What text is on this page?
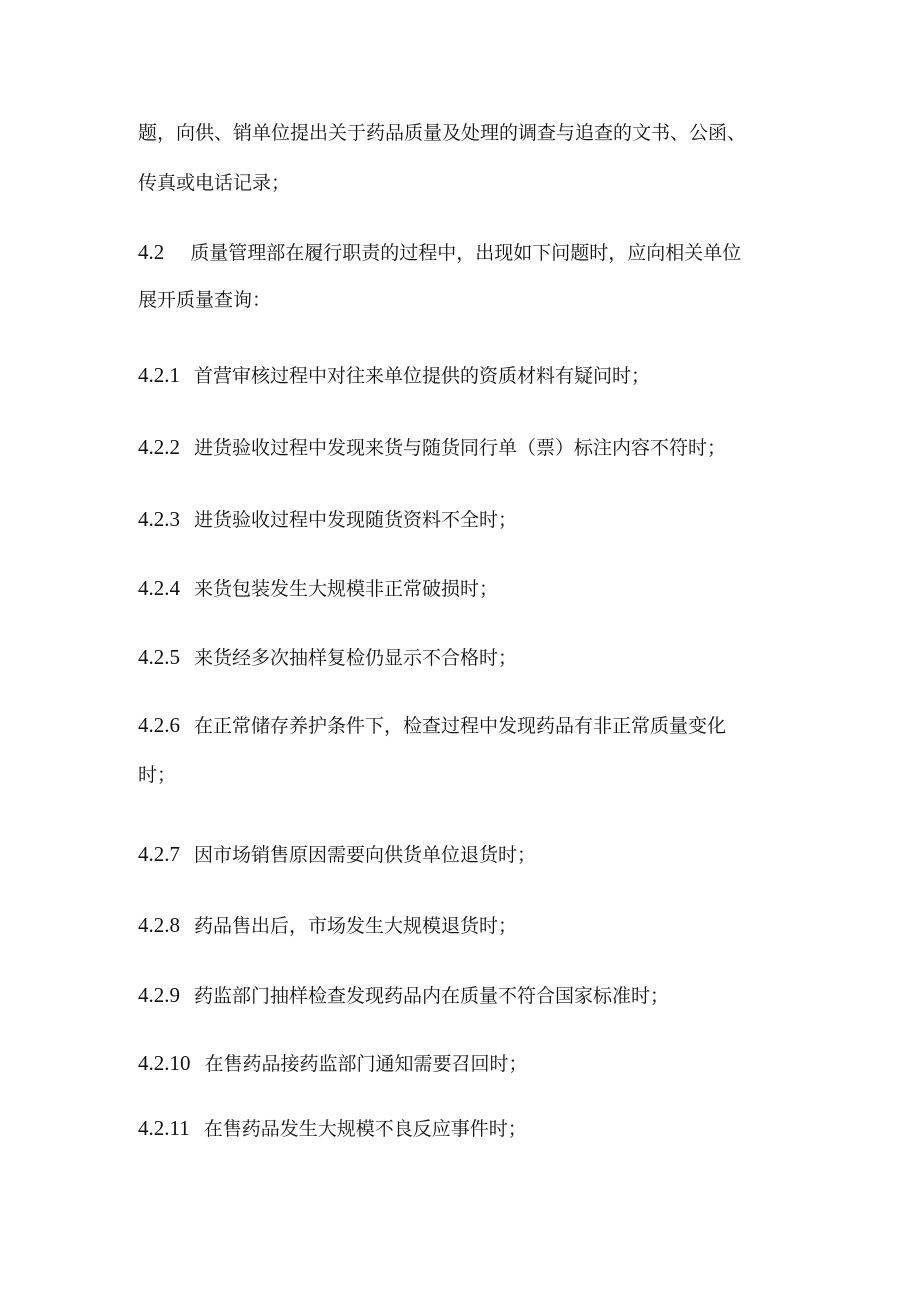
题，向供、销单位提出关于药品质量及处理的调查与追查的文书、公函、
传真或电话记录；
4.2 质量管理部在履行职责的过程中，出现如下问题时，应向相关单位
展开质量查询：
4.2.1 首营审核过程中对往来单位提供的资质材料有疑问时；
4.2.2 进货验收过程中发现来货与随货同行单（票）标注内容不符时；
4.2.3 进货验收过程中发现随货资料不全时；
4.2.4 来货包装发生大规模非正常破损时；
4.2.5 来货经多次抽样复检仍显示不合格时；
4.2.6 在正常储存养护条件下，检查过程中发现药品有非正常质量变化
时；
4.2.7 因市场销售原因需要向供货单位退货时；
4.2.8 药品售出后，市场发生大规模退货时；
4.2.9 药监部门抽样检查发现药品内在质量不符合国家标准时；
4.2.10 在售药品接药监部门通知需要召回时；
4.2.11 在售药品发生大规模不良反应事件时；
